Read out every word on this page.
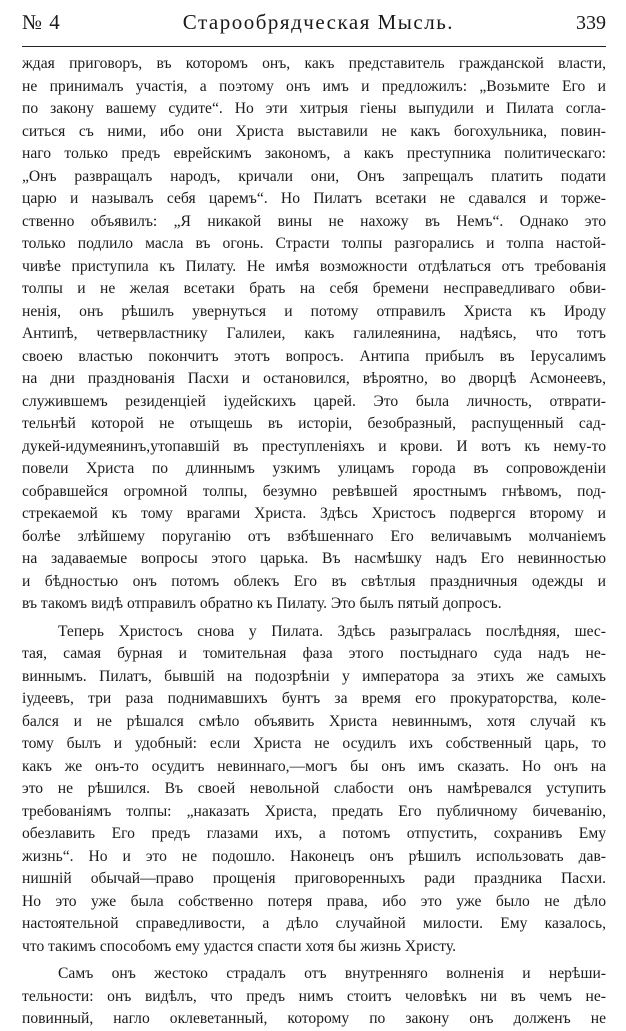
№ 4	Старообрядческая Мысль.	339

ждая приговоръ, въ которомъ онъ, какъ представитель гражданской власти,
не принималъ участія, а поэтому онъ имъ и предложилъ: „Возьмите Его и
по закону вашему судите“. Но эти хитрыя гіены выпудили и Пилата согла-
ситься съ ними, ибо они Христа выставили не какъ богохульника, повин-
наго только предъ еврейскимъ закономъ, а какъ преступника политическаго:
„Онъ развращалъ народъ, кричали они, Онъ запрещалъ платить подати
царю и называлъ себя царемъ“. Но Пилатъ всетаки не сдавался и торже-
ственно объявилъ: „Я никакой вины не нахожу въ Немъ“. Однако это
только подлило масла въ огонь. Страсти толпы разгорались и толпа настой-
чивѣе приступила къ Пилату. Не имѣя возможности отдѣлаться отъ требованія
толпы и не желая всетаки брать на себя бремени несправедливаго обви-
ненія, онъ рѣшилъ увернуться и потому отправилъ Христа къ Ироду
Антипѣ, четвервластнику Галилеи, какъ галилеянина, надѣясь, что тотъ
своею властью покончитъ этотъ вопросъ. Антипа прибылъ въ Іерусалимъ
на дни празднованія Пасхи и остановился, вѣроятно, во дворцѣ Асмонеевъ,
служившемъ резиденціей іудейскихъ царей. Это была личность, отврати-
тельнѣй которой не отыщешь въ исторіи, безобразный, распущенный сад-
дукей-идумеянинъ,утопавшій въ преступленіяхъ и крови. И вотъ къ нему-то
повели Христа по длиннымъ узкимъ улицамъ города въ сопровожденіи
собравшейся огромной толпы, безумно ревѣвшей яростнымъ гнѣвомъ, под-
стрекаемой къ тому врагами Христа. Здѣсь Христосъ подвергся второму и
болѣе злѣйшему поруганію отъ взбѣшеннаго Его величавымъ молчаніемъ
на задаваемые вопросы этого царька. Въ насмѣшку надъ Его невинностью
и бѣдностью онъ потомъ облекъ Его въ свѣтлыя праздничныя одежды и
въ такомъ видѣ отправилъ обратно къ Пилату. Это былъ пятый допросъ.

Теперь Христосъ снова у Пилата. Здѣсь разыгралась послѣдняя, шес-
тая, самая бурная и томительная фаза этого постыднаго суда надъ не-
виннымъ. Пилатъ, бывшій на подозрѣніи у императора за этихъ же самыхъ
іудеевъ, три раза поднимавшихъ бунтъ за время его прокураторства, коле-
бался и не рѣшался смѣло объявить Христа невиннымъ, хотя случай къ
тому былъ и удобный: если Христа не осудилъ ихъ собственный царь, то
какъ же онъ-то осудитъ невиннаго,—могъ бы онъ имъ сказать. Но онъ на
это не рѣшился. Въ своей невольной слабости онъ намѣревался уступить
требованіямъ толпы: „наказать Христа, предать Его публичному бичеванію,
обезлавить Его предъ глазами ихъ, а потомъ отпустить, сохранивъ Ему
жизнь“. Но и это не подошло. Наконецъ онъ рѣшилъ использовать дав-
нишній обычай—право прощенія приговоренныхъ ради праздника Пасхи.
Но это уже была собственно потеря права, ибо это уже было не дѣло
настоятельной справедливости, а дѣло случайной милости. Ему казалось,
что такимъ способомъ ему удастся спасти хотя бы жизнь Христу.

Самъ онъ жестоко страдалъ отъ внутренняго волненія и нерѣши-
тельности: онъ видѣлъ, что предъ нимъ стоитъ человѣкъ ни въ чемъ не-
повинный, нагло оклеветанный, которому по закону онъ долженъ не
